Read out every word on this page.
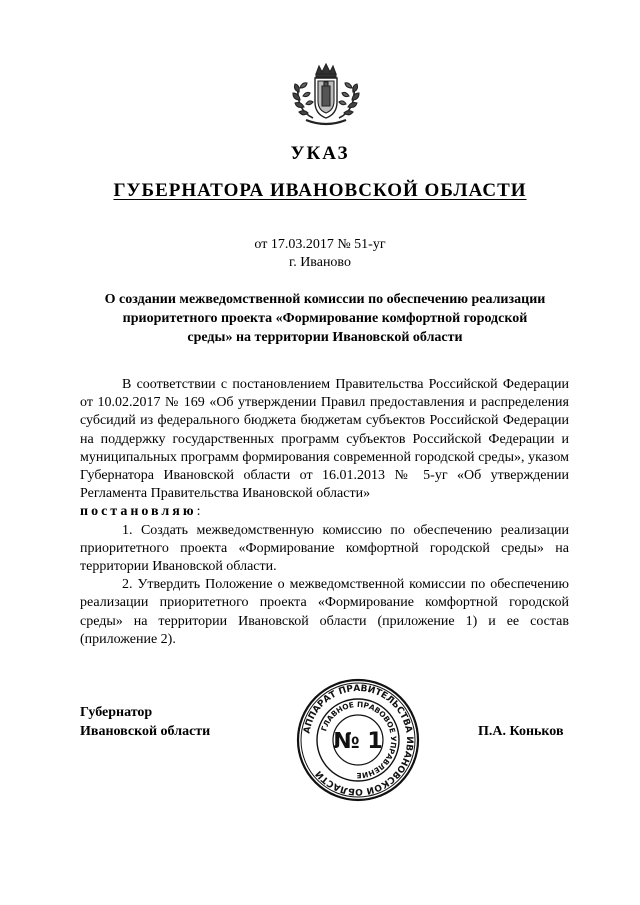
УКАЗ
ГУБЕРНАТОРА ИВАНОВСКОЙ ОБЛАСТИ
от 17.03.2017 № 51-уг
г. Иваново
О создании межведомственной комиссии по обеспечению реализации
приоритетного проекта «Формирование комфортной городской
среды» на территории Ивановской области

В соответствии с постановлением Правительства Российской Федерации от 10.02.2017 № 169 «Об утверждении Правил предоставления и распределения субсидий из федерального бюджета бюджетам субъектов Российской Федерации на поддержку государственных программ субъектов Российской Федерации и муниципальных программ формирования современной городской среды», указом Губернатора Ивановской области от 16.01.2013 № 5-уг «Об утверждении Регламента Правительства Ивановской области»

постановляю:

1. Создать межведомственную комиссию по обеспечению реализации приоритетного проекта «Формирование комфортной городской среды» на территории Ивановской области.

2. Утвердить Положение о межведомственной комиссии по обеспечению реализации приоритетного проекта «Формирование комфортной городской среды» на территории Ивановской области (приложение 1) и ее состав (приложение 2).

Губернатор
Ивановской области	АППАРАТ ПРАВИТЕЛЬСТВА ИВАНОВСКОЙ ОБЛАСТИ
ГЛАВНОЕ ПРАВОВОЕ УПРАВЛЕНИЕ
№ 1	П.А. Коньков
